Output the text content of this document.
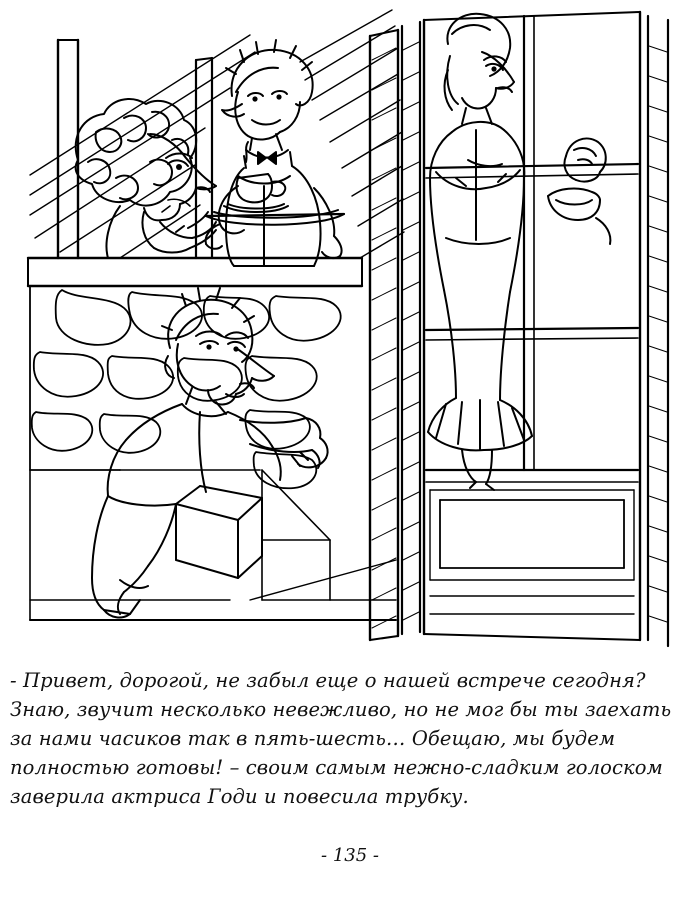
- Привет, дорогой, не забыл еще о нашей встрече сегодня? Знаю, звучит несколько невежливо, но не мог бы ты заехать за нами часиков так в пять-шесть… Обещаю, мы будем полностью готовы! – своим самым нежно-сладким голоском заверила актриса Годи и повесила трубку.

- 135 -
